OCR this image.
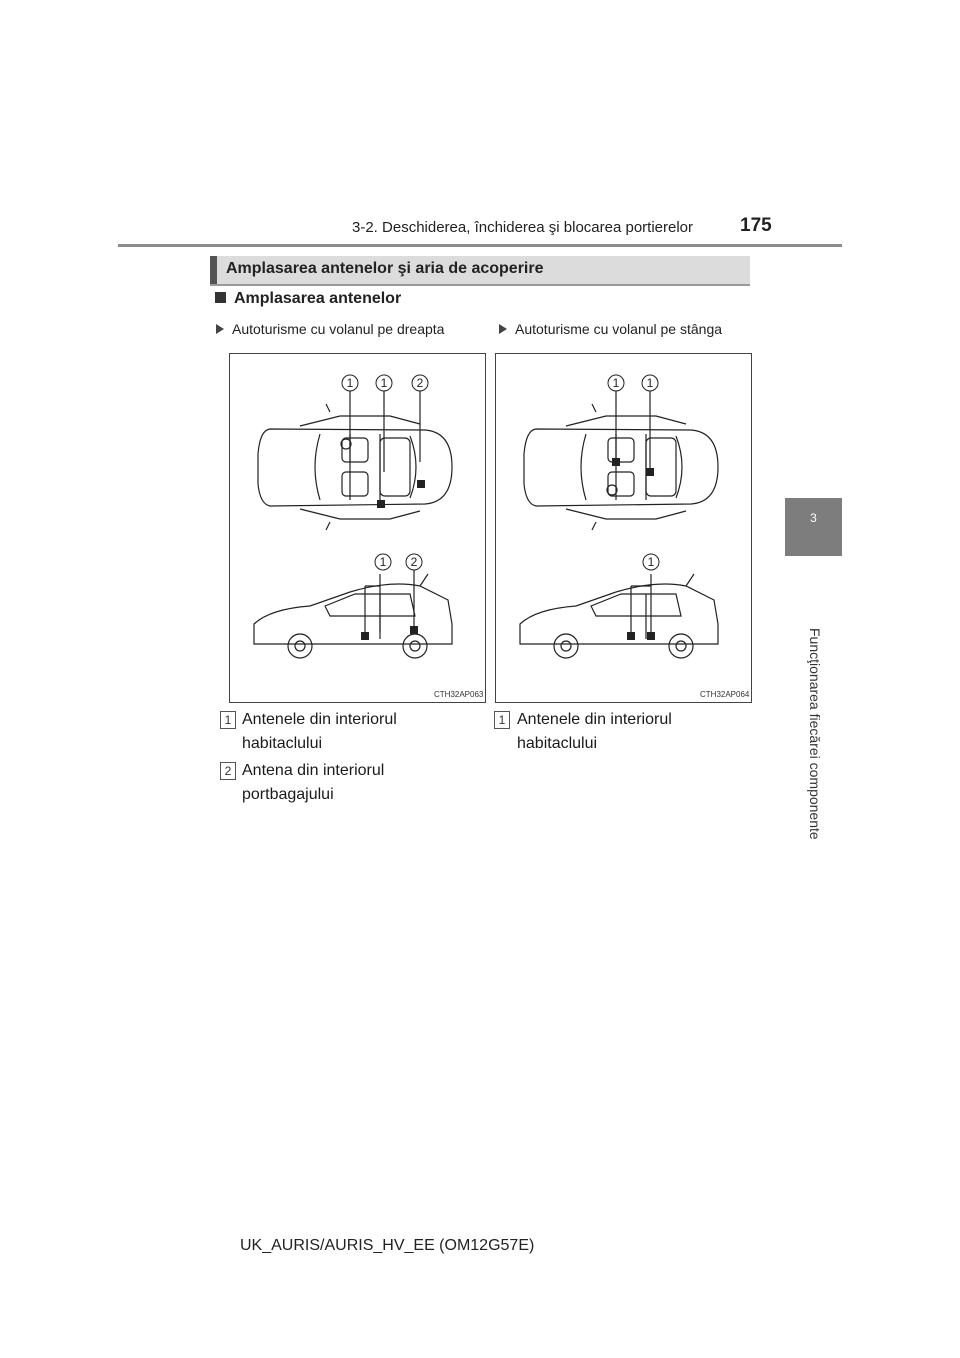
3-2. Deschiderea, închiderea şi blocarea portierelor 175
3
Funcţionarea fiecărei componente
Amplasarea antenelor şi aria de acoperire
Amplasarea antenelor
Autoturisme cu volanul pe dreapta	Autoturisme cu volanul pe stânga
1 1 2
1 2
CTH32AP063
1 1
1
CTH32AP064
1 Antenele din interiorul habitaclului
2 Antena din interiorul portbagajului
1 Antenele din interiorul habitaclului
UK_AURIS/AURIS_HV_EE (OM12G57E)
